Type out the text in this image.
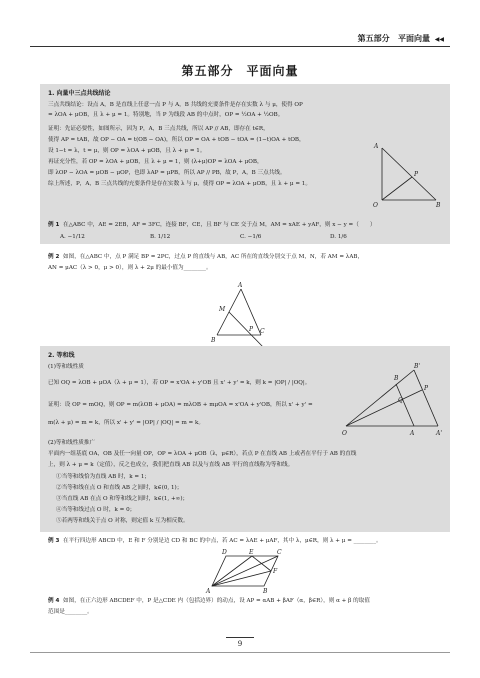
第五部分 平面向量 ◀◀
第五部分　平面向量
1. 向量中三点共线结论
三点共线结论：设点 A，B 是直线上任意一点 P 与 A，B 共线的充要条件是存在实数 λ 与 μ，使得 OP
= λOA + μOB，且 λ + μ = 1。特别地，当 P 为线段 AB 的中点时，OP = ½OA + ½OB。
证明：先证必要性，如图所示，因为 P，A，B 三点共线，所以 AP // AB，即存在 t∈R，
使得 AP = tAB，故 OP − OA = t(OB − OA)，所以 OP = OA + tOB − tOA = (1−t)OA + tOB，
设 1−t = λ，t = μ，则 OP = λOA + μOB，且 λ + μ = 1。
再证充分性，若 OP = λOA + μOB，且 λ + μ = 1，则 (λ+μ)OP = λOA + μOB，
即 λOP − λOA = μOB − μOP，也即 λAP = μPB，所以 AP // PB，故 P，A，B 三点共线。
综上所述，P，A，B 三点共线的充要条件是存在实数 λ 与 μ，使得 OP = λOA + μOB，且 λ + μ = 1。
A
P
O	B
例 1 在△ABC 中，AE = 2EB，AF = 3FC，连接 BF，CE，且 BF 与 CE 交于点 M，AM = xAE + yAF，则 x − y =（　　）
A. −1/12	B. 1/12	C. −1/6	D. 1/6
例 2 如图，在△ABC 中，点 P 满足 BP = 2PC，过点 P 的直线与 AB，AC 所在的直线分别交于点 M，N，若 AM = λAB，
AN = μAC（λ > 0，μ > 0），则 λ + 2μ 的最小值为________。
A
M
B
P C
2. 等和线
(1)等和线性质
已知 OQ = λOB + μOA（λ + μ = 1），若 OP = x'OA + y'OB 且 x' + y' = k，则 k = |OP| / |OQ|。
证明：设 OP = mOQ，则 OP = m(λOB + μOA) = mλOB + mμOA = x'OA + y'OB，所以 x' + y' =
m(λ + μ) = m = k，所以 x' + y' = |OP| / |OQ| = m = k。
(2)等和线性质推广
平面内一组基底 OA，OB 及任一向量 OP，OP = λOA + μOB（λ，μ∈R），若点 P 在直线 AB 上或者在平行于 AB 的直线
上，则 λ + μ = k（定值），反之也成立，我们把直线 AB 以及与直线 AB 平行的直线称为等和线。
①当等和线恰为直线 AB 时，k = 1；
②当等和线在点 O 和直线 AB 之间时，k∈(0, 1)；
③当直线 AB 在点 O 和等和线之间时，k∈(1, +∞)；
④当等和线过点 O 时，k = 0；
⑤若两等和线关于点 O 对称，则定值 k 互为相反数。
B
B'
P
Q
A	A'
O
例 3 在平行四边形 ABCD 中，E 和 F 分别是边 CD 和 BC 的中点，若 AC = λAE + μAF，其中 λ，μ∈R，则 λ + μ = ________。
D	E	C
F
A	B
例 4 如图，在正六边形 ABCDEF 中，P 是△CDE 内（包括边界）的动点，设 AP = αAB + βAF（α，β∈R），则 α + β 的取值
范围是________。
9
